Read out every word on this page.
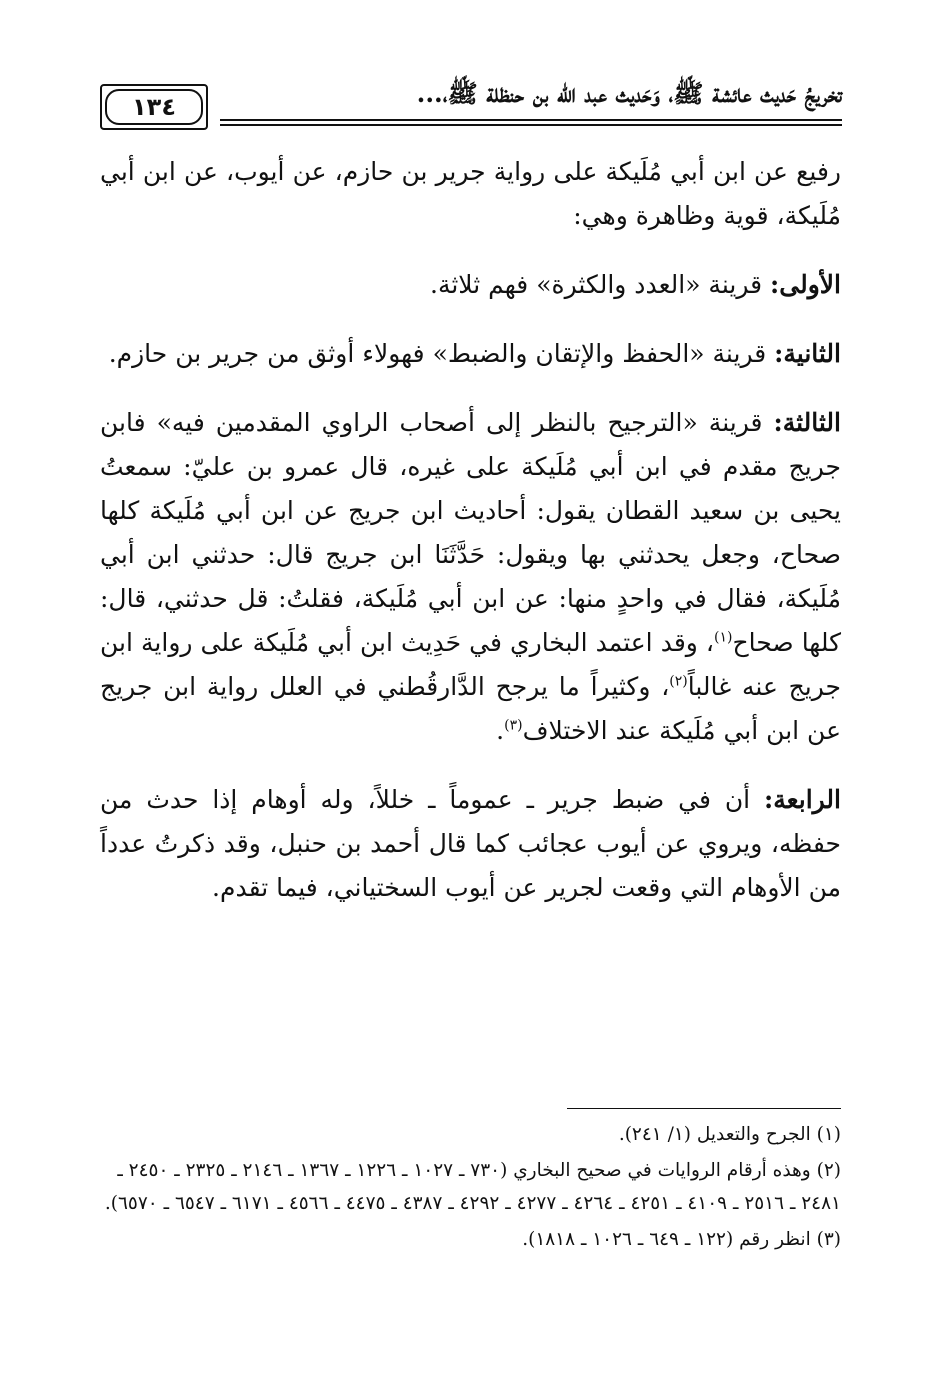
تخريجُ حَديث عائشة ﷺ، وَحَديث عبد الله بن حنظلة ﷺ،...
١٣٤

رفيع عن ابن أبي مُلَيكة على رواية جرير بن حازم، عن أيوب، عن ابن أبي مُلَيكة، قوية وظاهرة وهي:

الأولى: قرينة «العدد والكثرة» فهم ثلاثة.

الثانية: قرينة «الحفظ والإتقان والضبط» فهولاء أوثق من جرير بن حازم.

الثالثة: قرينة «الترجيح بالنظر إلى أصحاب الراوي المقدمين فيه» فابن جريج مقدم في ابن أبي مُلَيكة على غيره، قال عمرو بن عليّ: سمعتُ يحيى بن سعيد القطان يقول: أحاديث ابن جريج عن ابن أبي مُلَيكة كلها صحاح، وجعل يحدثني بها ويقول: حَدَّثَنَا ابن جريج قال: حدثني ابن أبي مُلَيكة، فقال في واحدٍ منها: عن ابن أبي مُلَيكة، فقلتُ: قل حدثني، قال: كلها صحاح$^{(١)}$، وقد اعتمد البخاري في حَدِيث ابن أبي مُلَيكة على رواية ابن جريج عنه غالباً$^{(٢)}$، وكثيراً ما يرجح الدَّارقُطني في العلل رواية ابن جريج عن ابن أبي مُلَيكة عند الاختلاف$^{(٣)}$.

الرابعة: أن في ضبط جرير ـ عموماً ـ خللاً، وله أوهام إذا حدث من حفظه، ويروي عن أيوب عجائب كما قال أحمد بن حنبل، وقد ذكرتُ عدداً من الأوهام التي وقعت لجرير عن أيوب السختياني، فيما تقدم.

(١) الجرح والتعديل (١/ ٢٤١).

(٢) وهذه أرقام الروايات في صحيح البخاري (٧٣٠ ـ ١٠٢٧ ـ ١٢٢٦ ـ ١٣٦٧ ـ ٢١٤٦ ـ ٢٣٢٥ ـ ٢٤٥٠ ـ ٢٤٨١ ـ ٢٥١٦ ـ ٤١٠٩ ـ ٤٢٥١ ـ ٤٢٦٤ ـ ٤٢٧٧ ـ ٤٢٩٢ ـ ٤٣٨٧ ـ ٤٤٧٥ ـ ٤٥٦٦ ـ ٦١٧١ ـ ٦٥٤٧ ـ ٦٥٧٠).

(٣) انظر رقم (١٢٢ ـ ٦٤٩ ـ ١٠٢٦ ـ ١٨١٨).
